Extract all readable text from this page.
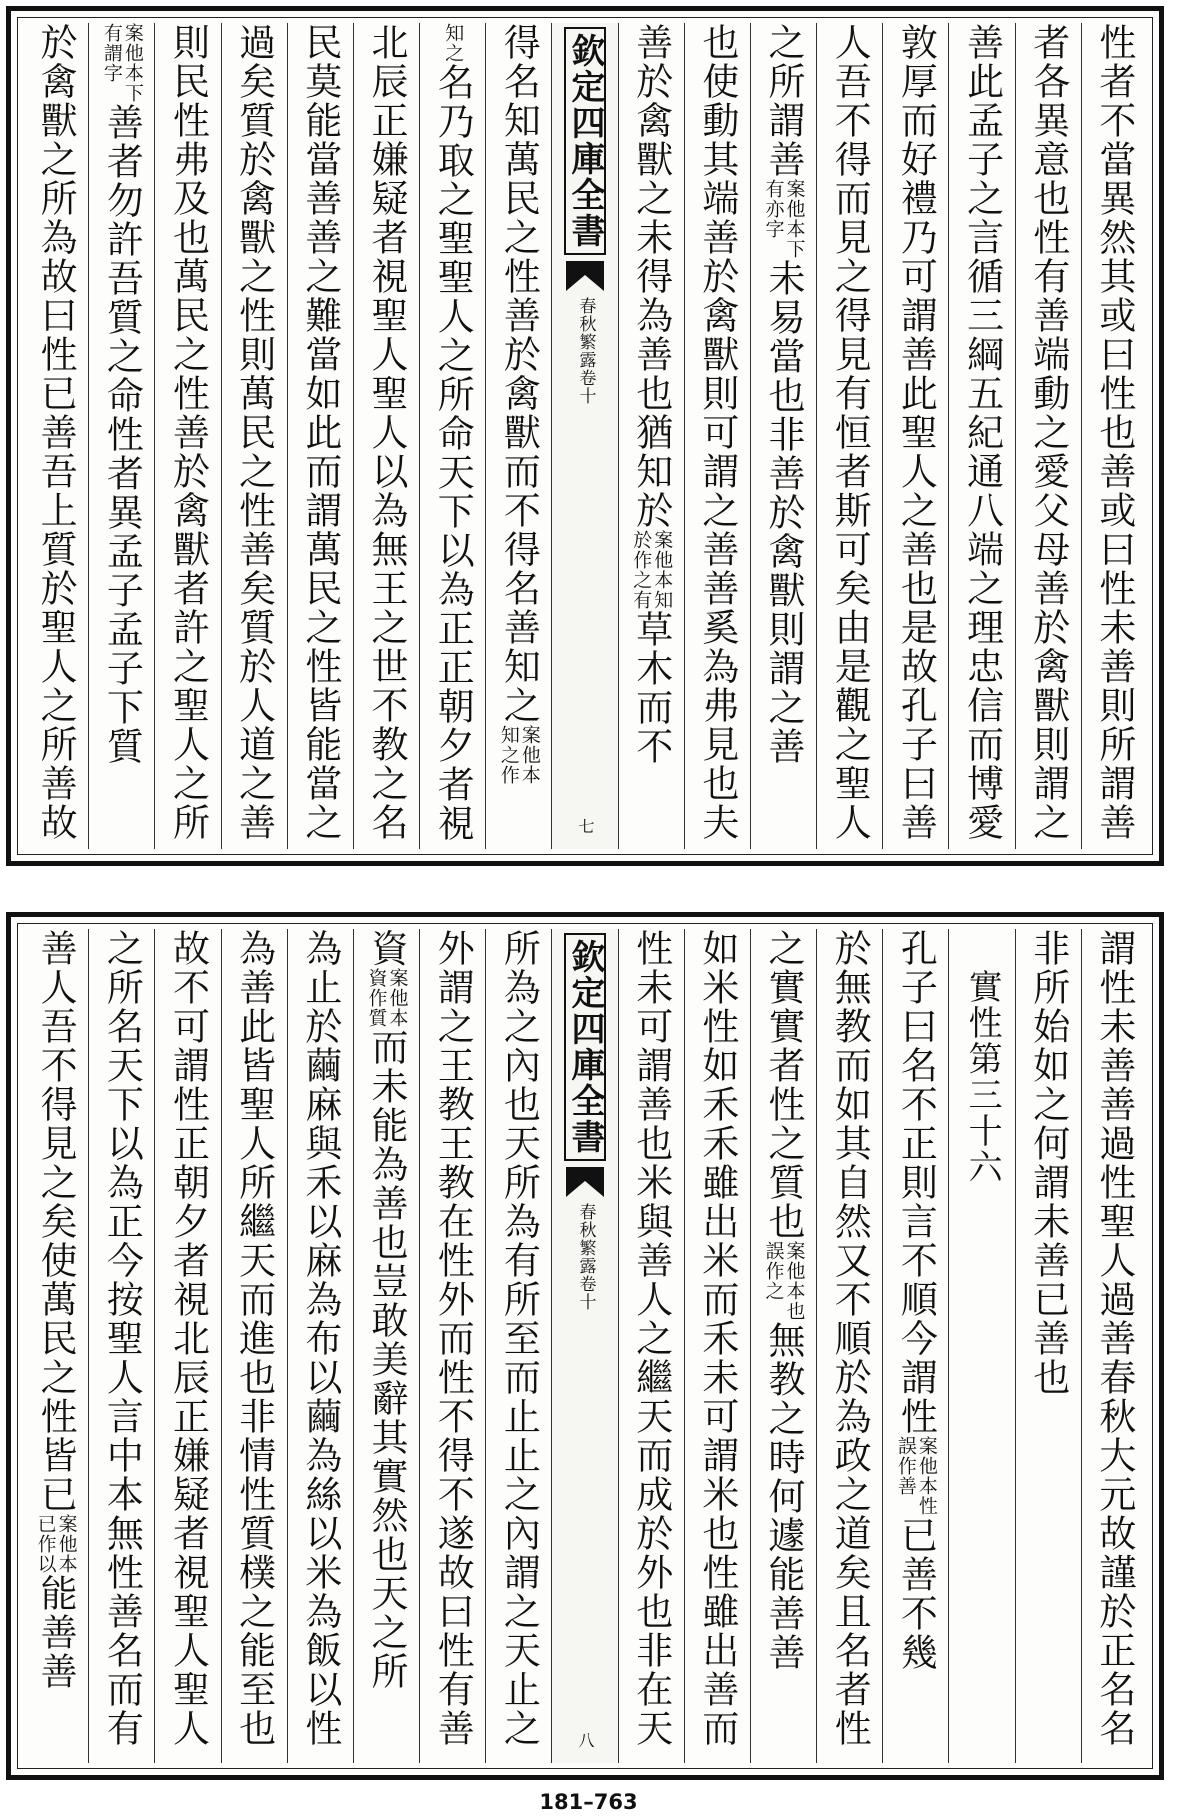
性者不當異然其或曰性也善或曰性未善則所謂善
者各異意也性有善端動之愛父母善於禽獸則謂之
善此孟子之言循三綱五紀通八端之理忠信而博愛
敦厚而好禮乃可謂善此聖人之善也是故孔子曰善
人吾不得而見之得見有恒者斯可矣由是觀之聖人
之所謂善
案他本下
有亦字
未易當也非善於禽獸則謂之善
也使動其端善於禽獸則可謂之善善奚為弗見也夫
善於禽獸之未得為善也猶知於
案他本知
於作之有
草木而不
欽定四庫全書
春秋繁露
卷十
七
得名知萬民之性善於禽獸而不得名善知之
案他本
知之作
知之
名乃取之聖聖人之所命天下以為正正朝夕者視
北辰正嫌疑者視聖人聖人以為無王之世不教之名
民莫能當善善之難當如此而謂萬民之性皆能當之
過矣質於禽獸之性則萬民之性善矣質於人道之善
則民性弗及也萬民之性善於禽獸者許之聖人之所
案他本下
有謂字
善者勿許吾質之命性者異孟子孟子下質
於禽獸之所為故曰性已善吾上質於聖人之所善故
謂性未善善過性聖人過善春秋大元故謹於正名名
非所始如之何謂未善已善也
實性第三十六
孔子曰名不正則言不順今謂性
案他本性
誤作善
已善不幾
於無教而如其自然又不順於為政之道矣且名者性
之實實者性之質也
案他本也
誤作之
無教之時何遽能善善
如米性如禾禾雖出米而禾未可謂米也性雖出善而
性未可謂善也米與善人之繼天而成於外也非在天
欽定四庫全書
春秋繁露
卷十
八
所為之內也天所為有所至而止止之內謂之天止之
外謂之王教王教在性外而性不得不遂故曰性有善
資
案他本
資作質
而未能為善也豈敢美辭其實然也天之所
為止於繭麻與禾以麻為布以繭為絲以米為飯以性
為善此皆聖人所繼天而進也非情性質樸之能至也
故不可謂性正朝夕者視北辰正嫌疑者視聖人聖人
之所名天下以為正今按聖人言中本無性善名而有
善人吾不得見之矣使萬民之性皆已
案他本
已作以
能善善
181–763
